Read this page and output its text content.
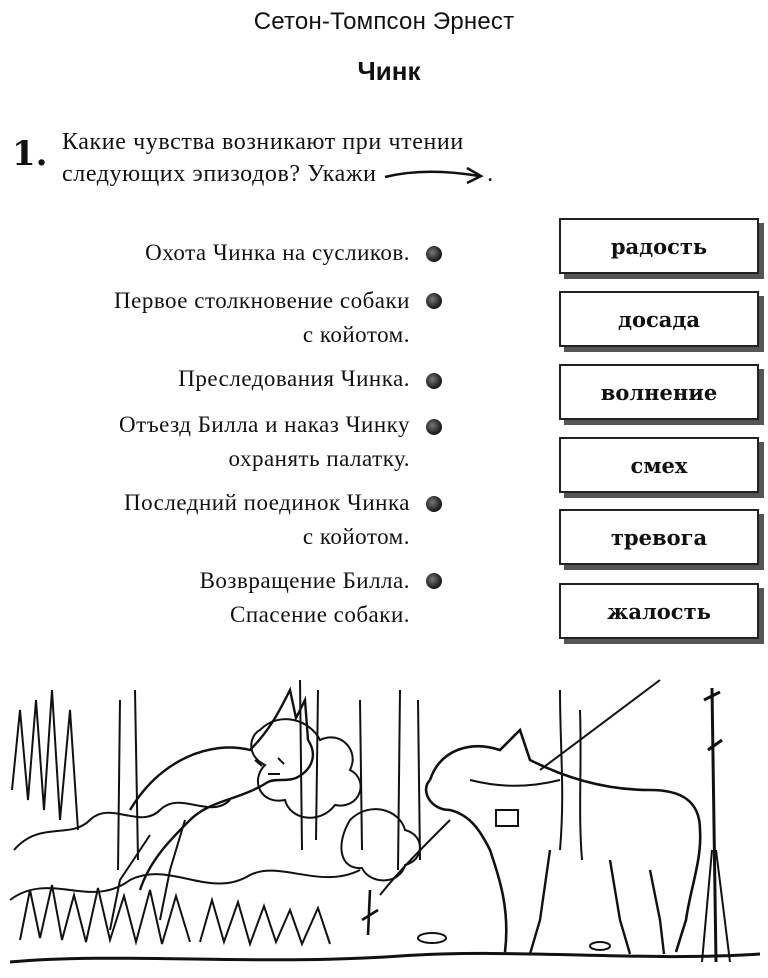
Сетон-Томпсон Эрнест
Чинк
1. Какие чувства возникают при чтении
следующих эпизодов? Укажи	.
Охота Чинка на сусликов.
Первое столкновение собаки
с койотом.
Преследования Чинка.
Отъезд Билла и наказ Чинку
охранять палатку.
Последний поединок Чинка
с койотом.
Возвращение Билла.
Спасение собаки.
радость
досада
волнение
смех
тревога
жалость
